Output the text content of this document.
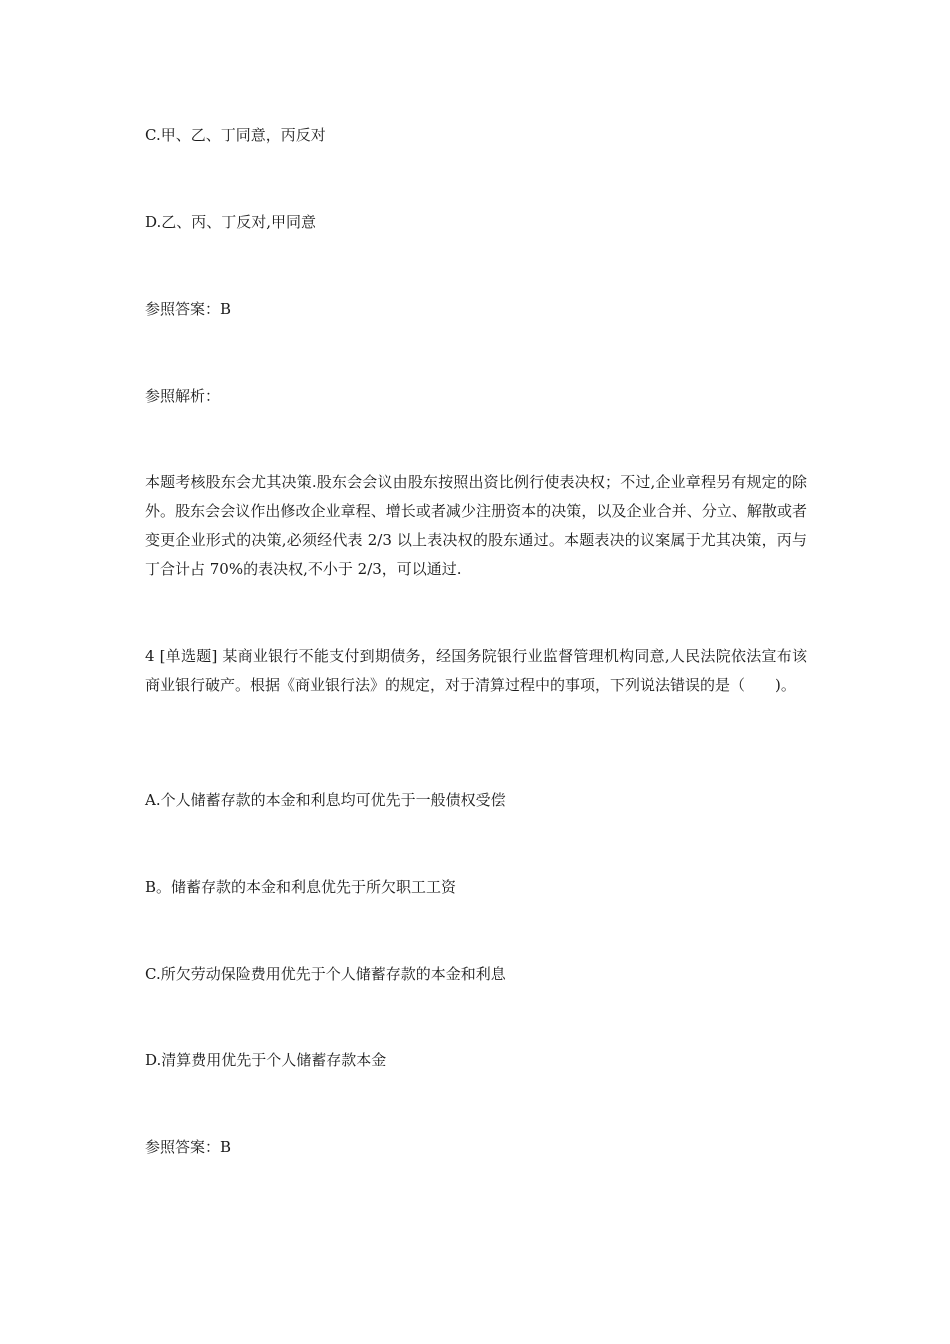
C.甲、乙、丁同意，丙反对
D.乙、丙、丁反对,甲同意
参照答案：B
参照解析：
本题考核股东会尤其决策.股东会会议由股东按照出资比例行使表决权；不过,企业章程另有规定的除外。股东会会议作出修改企业章程、增长或者减少注册资本的决策，以及企业合并、分立、解散或者变更企业形式的决策,必须经代表 2/3 以上表决权的股东通过。本题表决的议案属于尤其决策，丙与丁合计占 70%的表决权,不小于 2/3，可以通过.
4 [单选题] 某商业银行不能支付到期债务，经国务院银行业监督管理机构同意,人民法院依法宣布该商业银行破产。根据《商业银行法》的规定，对于清算过程中的事项，下列说法错误的是（　　)。
A.个人储蓄存款的本金和利息均可优先于一般债权受偿
B。储蓄存款的本金和利息优先于所欠职工工资
C.所欠劳动保险费用优先于个人储蓄存款的本金和利息
D.清算费用优先于个人储蓄存款本金
参照答案：B
